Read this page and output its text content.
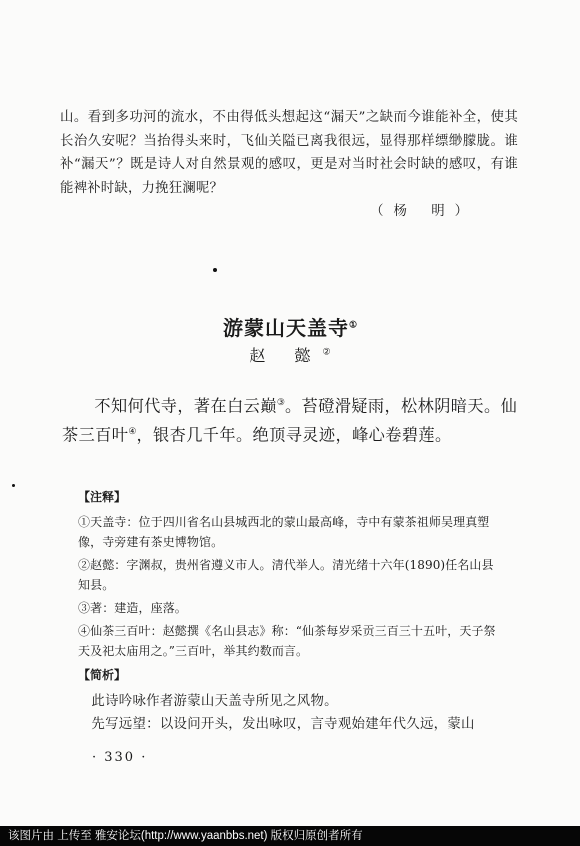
山。看到多功河的流水，不由得低头想起这“漏天”之缺而今谁能补全，使其长治久安呢？当抬得头来时，飞仙关隘已离我很远，显得那样缥缈朦胧。谁补“漏天”？既是诗人对自然景观的感叹，更是对当时社会时缺的感叹，有谁能裨补时缺，力挽狂澜呢？

（杨 明）

游蒙山天盖寺①
赵 懿②

不知何代寺，著在白云巅③。苔磴滑疑雨，松林阴暗天。仙茶三百叶④，银杏几千年。绝顶寻灵迹，峰心卷碧莲。

【注释】

①天盖寺：位于四川省名山县城西北的蒙山最高峰，寺中有蒙茶祖师吴理真塑像，寺旁建有茶史博物馆。

②赵懿：字渊叔，贵州省遵义市人。清代举人。清光绪十六年(1890)任名山县知县。

③著：建造，座落。

④仙茶三百叶：赵懿撰《名山县志》称：“仙茶每岁采贡三百三十五叶，天子祭天及祀太庙用之。”三百叶，举其约数而言。

【简析】

此诗吟咏作者游蒙山天盖寺所见之风物。

先写远望：以设问开头，发出咏叹，言寺观始建年代久远，蒙山

· 330 ·
该图片由 上传至 雅安论坛(http://www.yaanbbs.net) 版权归原创者所有
